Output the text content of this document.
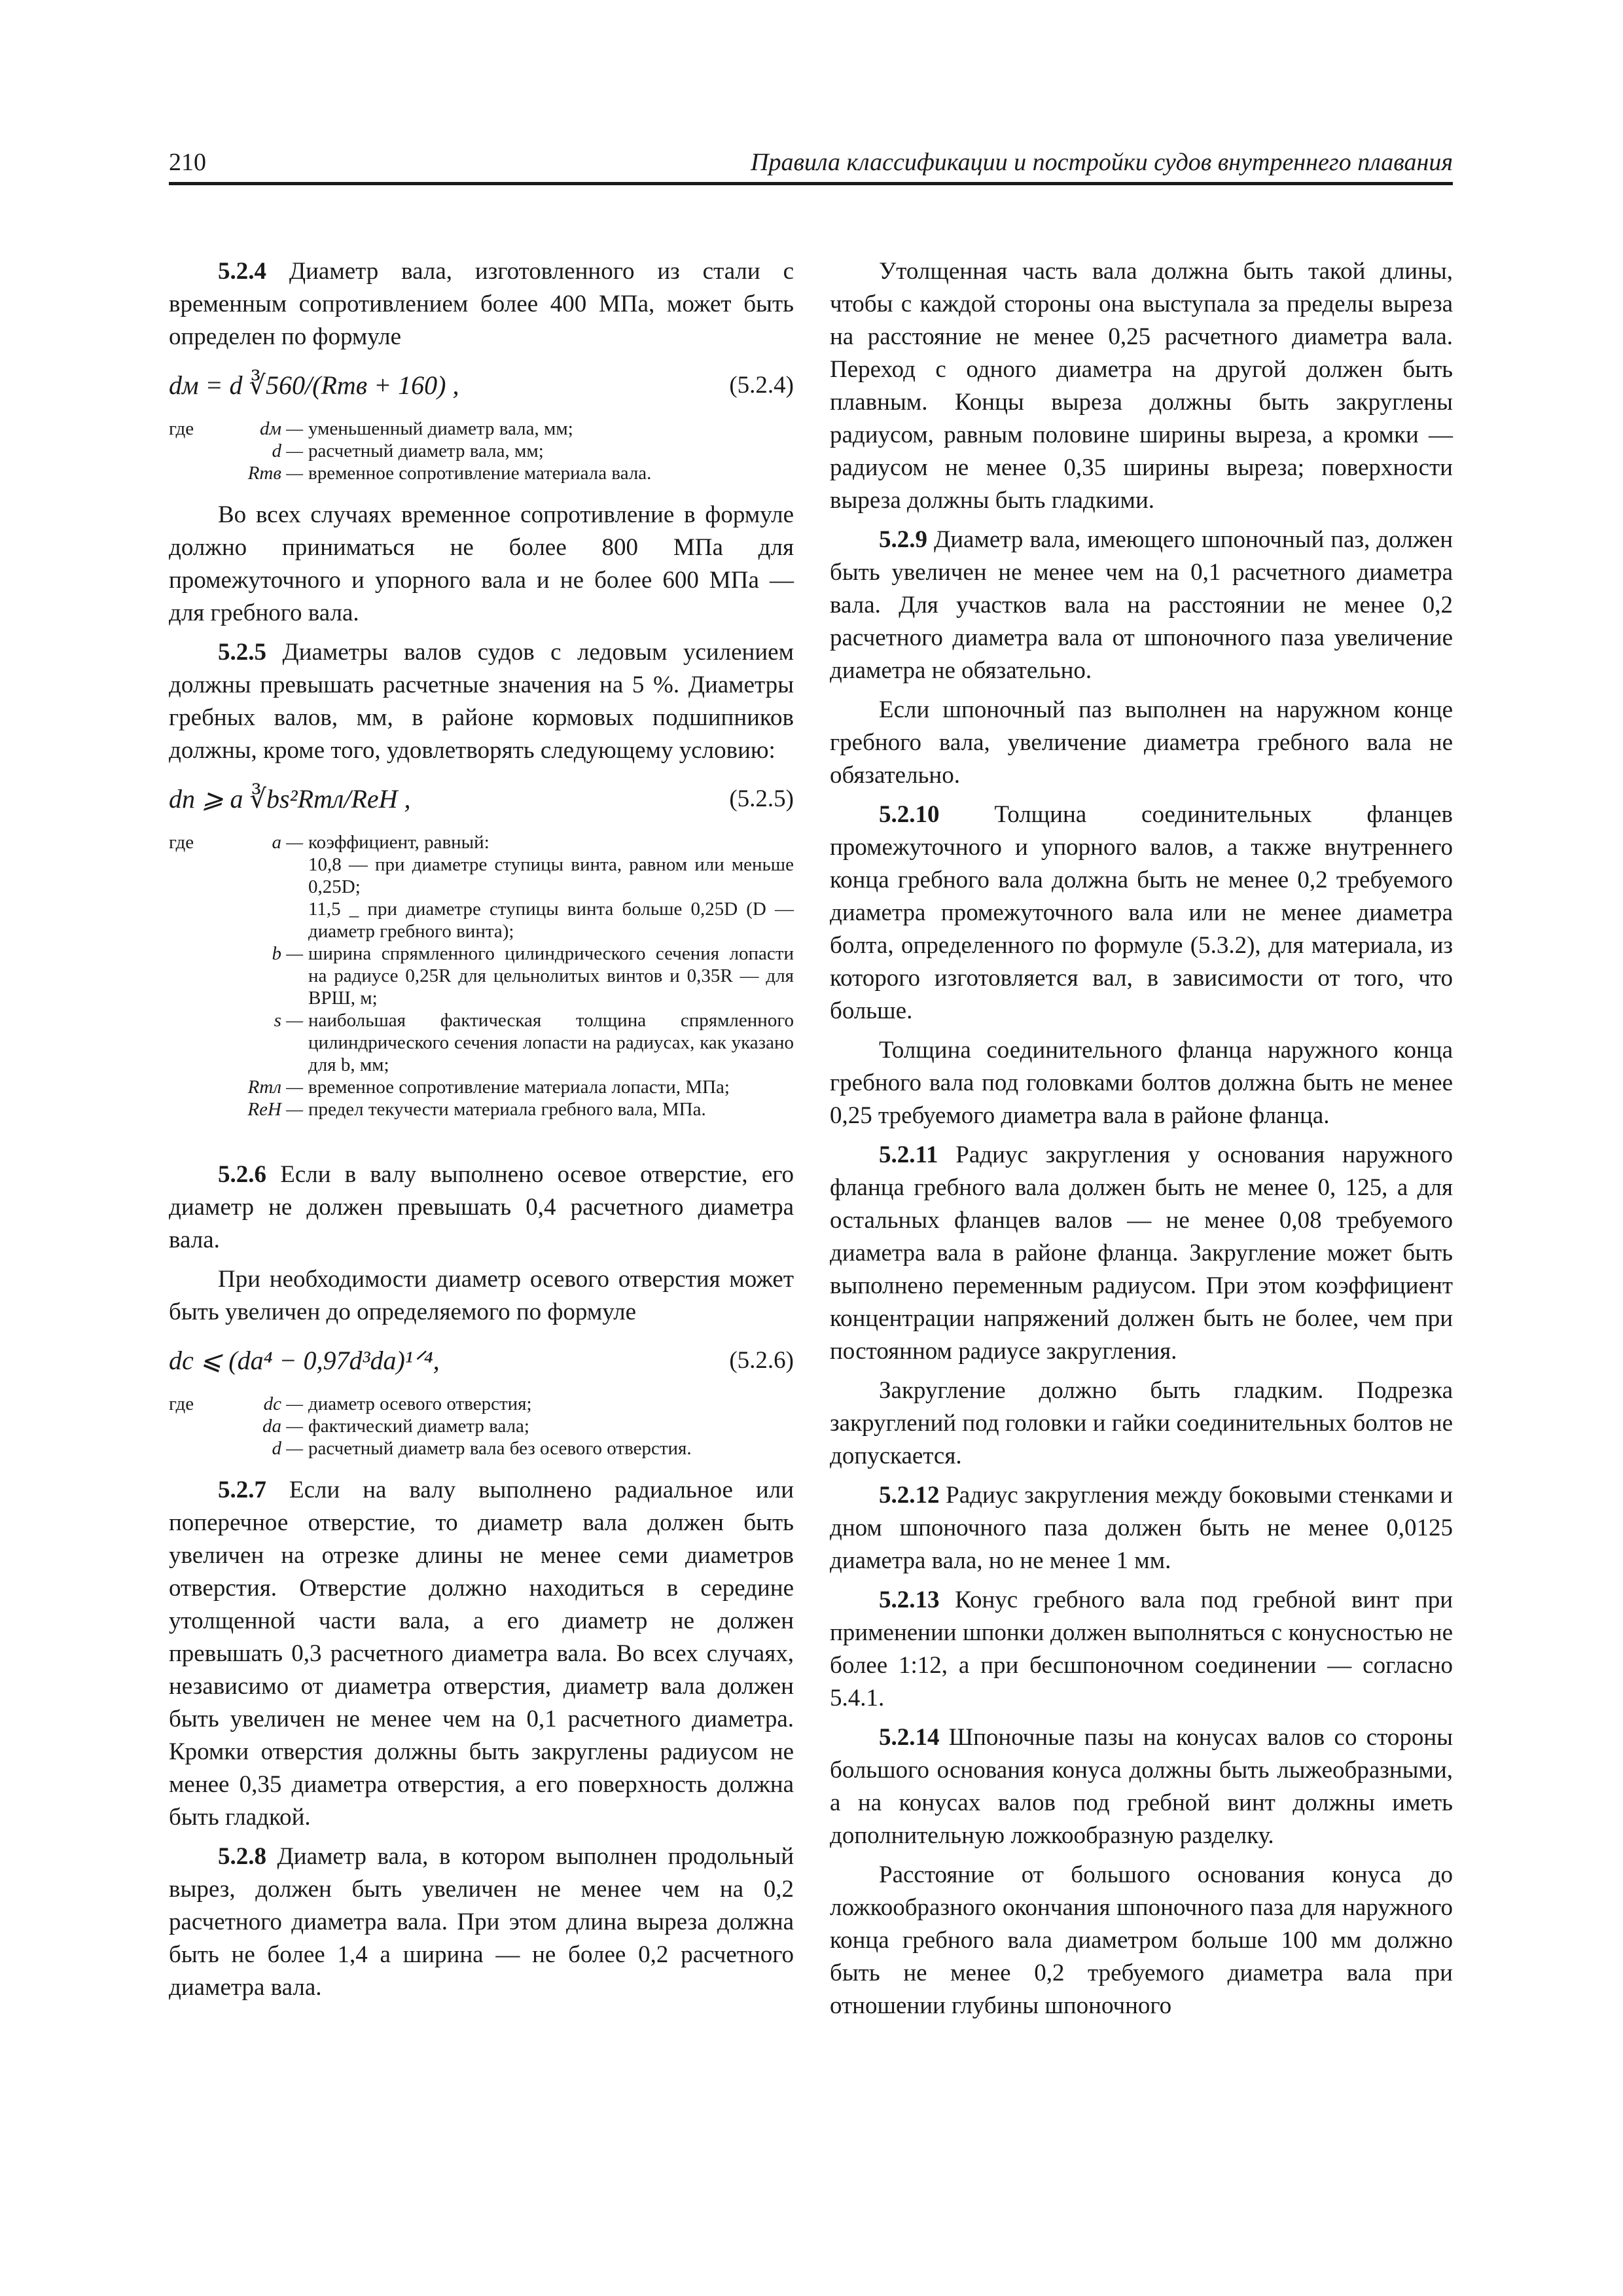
210	Правила классификации и постройки судов внутреннего плавания

5.2.4 Диаметр вала, изготовленного из стали с временным сопротивлением более 400 МПа, может быть определен по формуле

dм = d ∛560/(Rmв + 160) ,	(5.2.4)
где	dм — уменьшенный диаметр вала, мм;
d — расчетный диаметр вала, мм;
Rmв — временное сопротивление материала вала.

Во всех случаях временное сопротивление в формуле должно приниматься не более 800 МПа для промежуточного и упорного вала и не более 600 МПа — для гребного вала.

5.2.5 Диаметры валов судов с ледовым усилением должны превышать расчетные значения на 5 %. Диаметры гребных валов, мм, в районе кормовых подшипников должны, кроме того, удовлетворять следующему условию:

dn ⩾ a ∛bs²Rmл/ReH ,	(5.2.5)
где	a — коэффициент, равный:
10,8 — при диаметре ступицы винта, равном или меньше 0,25D;
11,5 _ при диаметре ступицы винта больше 0,25D (D — диаметр гребного винта);
b — ширина спрямленного цилиндрического сечения лопасти на радиусе 0,25R для цельнолитых винтов и 0,35R — для ВРШ, м;
s — наибольшая фактическая толщина спрямленного цилиндрического сечения лопасти на радиусах, как указано для b, мм;
Rmл — временное сопротивление материала лопасти, МПа;
ReH — предел текучести материала гребного вала, МПа.

5.2.6 Если в валу выполнено осевое отверстие, его диаметр не должен превышать 0,4 расчетного диаметра вала.

При необходимости диаметр осевого отверстия может быть увеличен до определяемого по формуле

dc ⩽ (da⁴ − 0,97d³da)¹ᐟ⁴,	(5.2.6)
где	dc — диаметр осевого отверстия;
da — фактический диаметр вала;
d — расчетный диаметр вала без осевого отверстия.

5.2.7 Если на валу выполнено радиальное или поперечное отверстие, то диаметр вала должен быть увеличен на отрезке длины не менее семи диаметров отверстия. Отверстие должно находиться в середине утолщенной части вала, а его диаметр не должен превышать 0,3 расчетного диаметра вала. Во всех случаях, независимо от диаметра отверстия, диаметр вала должен быть увеличен не менее чем на 0,1 расчетного диаметра. Кромки отверстия должны быть закруглены радиусом не менее 0,35 диаметра отверстия, а его поверхность должна быть гладкой.

5.2.8 Диаметр вала, в котором выполнен продольный вырез, должен быть увеличен не менее чем на 0,2 расчетного диаметра вала. При этом длина выреза должна быть не более 1,4 а ширина — не более 0,2 расчетного диаметра вала.

Утолщенная часть вала должна быть такой длины, чтобы с каждой стороны она выступала за пределы выреза на расстояние не менее 0,25 расчетного диаметра вала. Переход с одного диаметра на другой должен быть плавным. Концы выреза должны быть закруглены радиусом, равным половине ширины выреза, а кромки — радиусом не менее 0,35 ширины выреза; поверхности выреза должны быть гладкими.

5.2.9 Диаметр вала, имеющего шпоночный паз, должен быть увеличен не менее чем на 0,1 расчетного диаметра вала. Для участков вала на расстоянии не менее 0,2 расчетного диаметра вала от шпоночного паза увеличение диаметра не обязательно.

Если шпоночный паз выполнен на наружном конце гребного вала, увеличение диаметра гребного вала не обязательно.

5.2.10 Толщина соединительных фланцев промежуточного и упорного валов, а также внутреннего конца гребного вала должна быть не менее 0,2 требуемого диаметра промежуточного вала или не менее диаметра болта, определенного по формуле (5.3.2), для материала, из которого изготовляется вал, в зависимости от того, что больше.

Толщина соединительного фланца наружного конца гребного вала под головками болтов должна быть не менее 0,25 требуемого диаметра вала в районе фланца.

5.2.11 Радиус закругления у основания наружного фланца гребного вала должен быть не менее 0, 125, а для остальных фланцев валов — не менее 0,08 требуемого диаметра вала в районе фланца. Закругление может быть выполнено переменным радиусом. При этом коэффициент концентрации напряжений должен быть не более, чем при постоянном радиусе закругления.

Закругление должно быть гладким. Подрезка закруглений под головки и гайки соединительных болтов не допускается.

5.2.12 Радиус закругления между боковыми стенками и дном шпоночного паза должен быть не менее 0,0125 диаметра вала, но не менее 1 мм.

5.2.13 Конус гребного вала под гребной винт при применении шпонки должен выполняться с конусностью не более 1:12, а при бесшпоночном соединении — согласно 5.4.1.

5.2.14 Шпоночные пазы на конусах валов со стороны большого основания конуса должны быть лыжеобразными, а на конусах валов под гребной винт должны иметь дополнительную ложкообразную разделку.

Расстояние от большого основания конуса до ложкообразного окончания шпоночного паза для наружного конца гребного вала диаметром больше 100 мм должно быть не менее 0,2 требуемого диаметра вала при отношении глубины шпоночного
